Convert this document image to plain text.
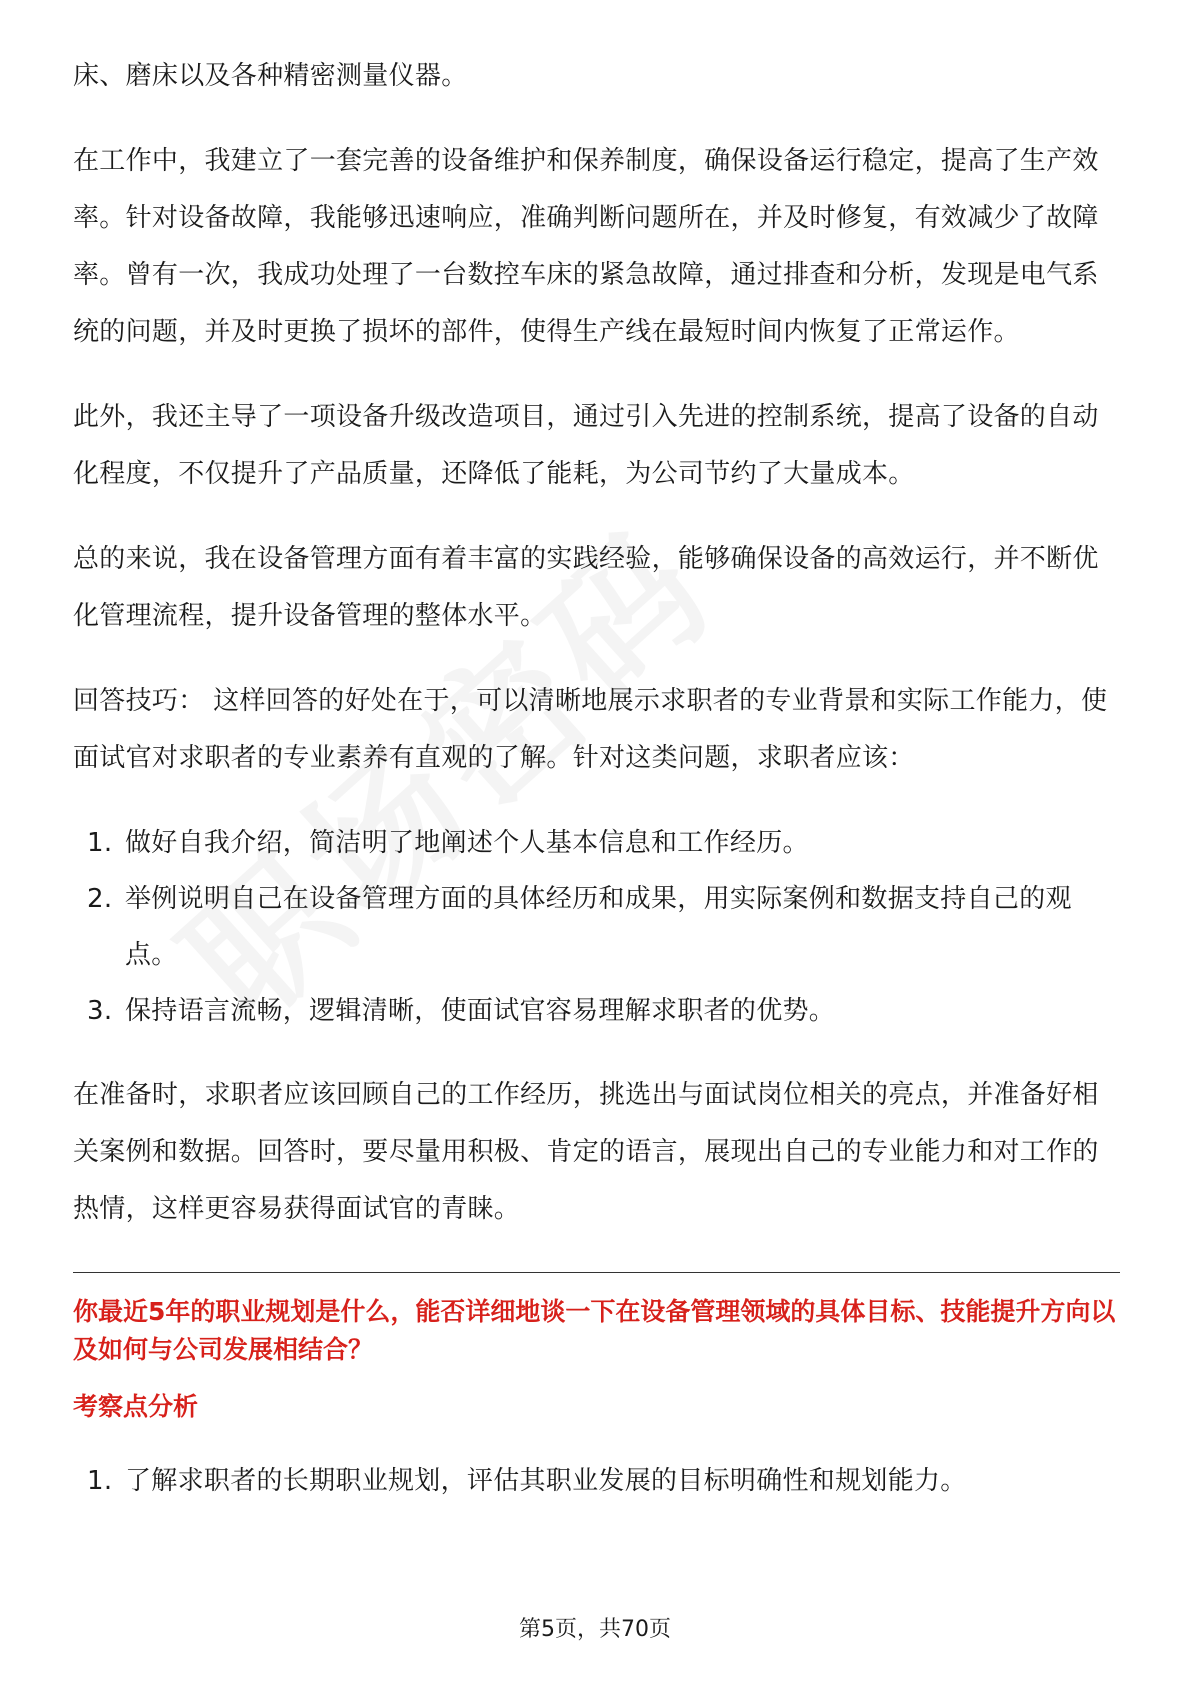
床、磨床以及各种精密测量仪器。

在工作中，我建立了一套完善的设备维护和保养制度，确保设备运行稳定，提高了生产效率。针对设备故障，我能够迅速响应，准确判断问题所在，并及时修复，有效减少了故障率。曾有一次，我成功处理了一台数控车床的紧急故障，通过排查和分析，发现是电气系统的问题，并及时更换了损坏的部件，使得生产线在最短时间内恢复了正常运作。

此外，我还主导了一项设备升级改造项目，通过引入先进的控制系统，提高了设备的自动化程度，不仅提升了产品质量，还降低了能耗，为公司节约了大量成本。

总的来说，我在设备管理方面有着丰富的实践经验，能够确保设备的高效运行，并不断优化管理流程，提升设备管理的整体水平。

回答技巧： 这样回答的好处在于，可以清晰地展示求职者的专业背景和实际工作能力，使面试官对求职者的专业素养有直观的了解。针对这类问题，求职者应该：

1. 做好自我介绍，简洁明了地阐述个人基本信息和工作经历。
2. 举例说明自己在设备管理方面的具体经历和成果，用实际案例和数据支持自己的观点。
3. 保持语言流畅，逻辑清晰，使面试官容易理解求职者的优势。

在准备时，求职者应该回顾自己的工作经历，挑选出与面试岗位相关的亮点，并准备好相关案例和数据。回答时，要尽量用积极、肯定的语言，展现出自己的专业能力和对工作的热情，这样更容易获得面试官的青睐。

你最近5年的职业规划是什么，能否详细地谈一下在设备管理领域的具体目标、技能提升方向以及如何与公司发展相结合？

考察点分析

1. 了解求职者的长期职业规划，评估其职业发展的目标明确性和规划能力。
第5页，共70页
